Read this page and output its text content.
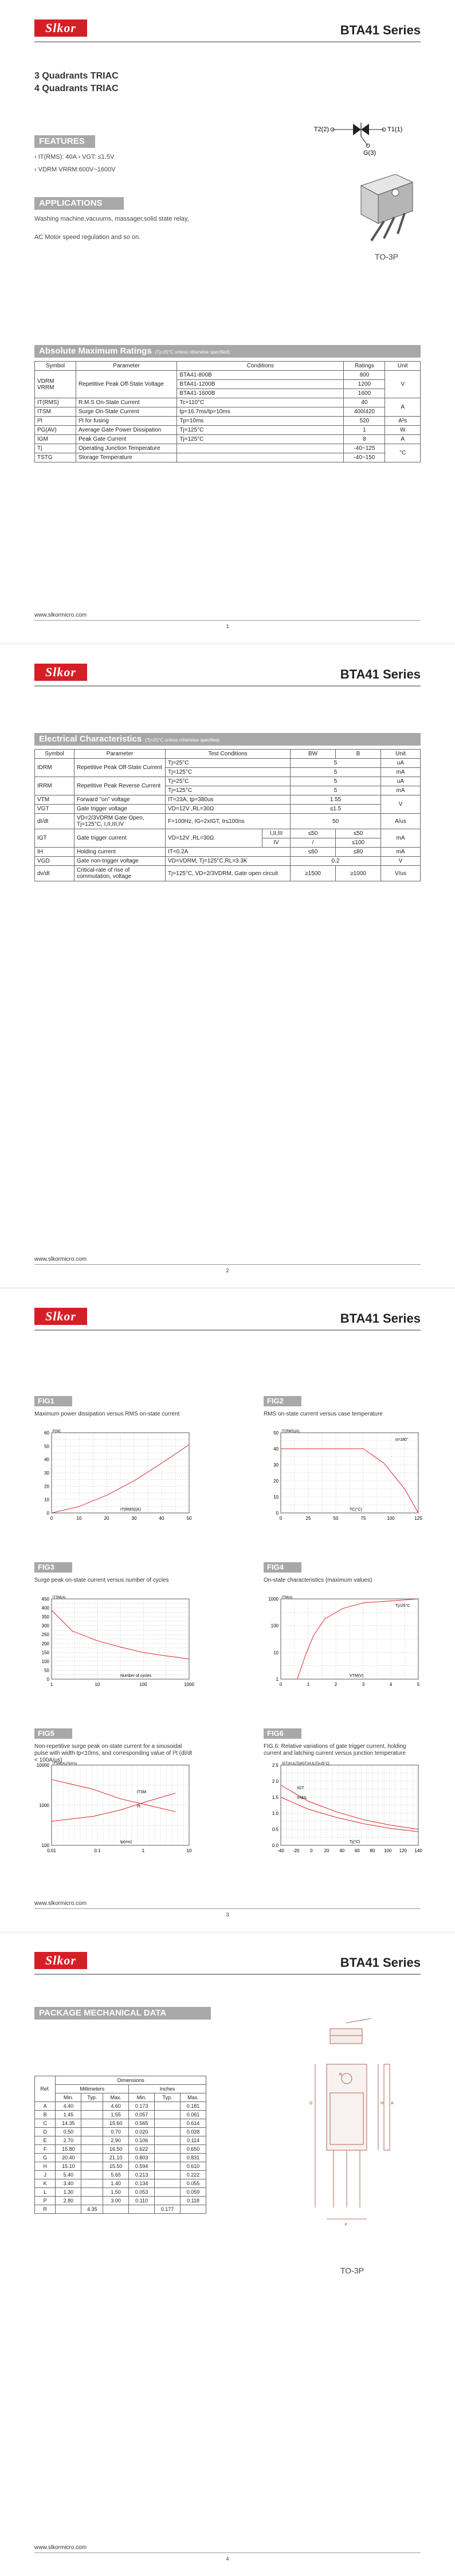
Slkor	BTA41 Series
3 Quadrants TRIAC
4 Quadrants TRIAC
FEATURES
› IT(RMS): 40A › VGT: ≤1.5V
› VDRM VRRM:600V~1600V
APPLICATIONS
Washing machine,vacuums, massager,solid state relay,
AC Motor speed regulation and so on.
T2(2)	T1(1)
G(3)
TO-3P
Absolute Maximum Ratings (Tj=25°C unless otherwise specified)
Symbol	Parameter	Conditions	Ratings	Unit
VDRM
VRRM	Repetitive Peak Off-State Voltage	BTA41-800B	800	V
		BTA41-1200B	1200	
		BTA41-1600B	1600	
IT(RMS)	R.M.S On-State Current	Tc=110°C	40	A
ITSM	Surge On-State Current	tp=16.7ms/tp=10ms	400/420	
I²t	I²t for fusing	Tp=10ms	520	A²s
PG(AV)	Average Gate Power Dissipation	Tj=125°C	1	W
IGM	Peak Gate Current	Tj=125°C	8	A
Tj	Operating Junction Temperature		-40~125	°C
TSTG	Storage Temperature		-40~150	
www.slkormicro.com
1
Slkor	BTA41 Series
Electrical Characteristics (Tj=25°C unless otherwise specified)
Symbol	Parameter	Test Conditions		BW	B	Unit
IDRM	Repetitive Peak Off-State Current	Tj=25°C		5		uA
		Tj=125°C		5		mA
IRRM	Repetitive Peak Reverse Current	Tj=25°C		5		uA
		Tj=125°C		5		mA
VTM	Forward "on" voltage	IT=23A, tp=380us		1.55		V
VGT	Gate trigger voltage	VD=12V ,RL=30Ω		≤1.5		
dI/dt	VD=2/3VDRM Gate Open, Tj=125°C, I,II,III,IV	F=100Hz, IG=2xIGT, tr≤100ns		50		A/us
IGT	Gate trigger current	VD=12V ,RL=30Ω	I,II,III	≤50	≤50	mA
			IV	/	≤100	
IH	Holding current	IT=0.2A		≤60	≤80	mA
VGD	Gate non-trigger voltage	VD=VDRM, Tj=125°C,RL=3.3K		0.2		V
dv/dt	Critical-rate of rise of commutation, voltage	Tj=125°C, VD=2/3VDRM, Gate open circuit		≥1500	≥1000	V/us
www.slkormicro.com
2
Slkor	BTA41 Series
FIG1
Maximum power dissipation versus RMS on-state current
0	10	20	30	40	50
0
10
20
30
40
50
60 P(W)
IT(RMS)(A)
FIG2
RMS on-state current versus case temperature
0	25	50	75	100	125
0
10
20
30
40
50 IT(RMS)(A)
TC(°C)
α=180°
FIG3
Surge peak on-state current versus number of cycles
1	10	100	1000
0
50
100
150
200
250
300
350
400
450 ITSM(A)
Number of cycles
FIG4
On-state characteristics (maximum values)
0	1	2	3	4	5
1
10
100
1000 ITM(A)
VTM(V)
Tj=25°C
FIG5
Non-repetitive surge peak on-state current for a sinusoidal pulse with width tp<10ms, and corresponding value of I²t (dI/dt < 100A/µs)
0.01	0.1	1	10
100
1000
10000 ITSM(A),I²t(A²s)
tp(ms)
ITSM
I²t
FIG6
FIG.6: Relative variations of gate trigger current, holding current and latching current versus junction temperature
-40 -20 0 20 40 60 80 100 120 140
0.0
0.5
1.0
1.5
2.0
2.5 IGT,IH,IL[Tj]/IGT,IH,IL[Tj=25°C]
Tj(°C)
IGT
IH&IL
www.slkormicro.com
3
Slkor	BTA41 Series
PACKAGE MECHANICAL DATA
Ref.	Dimensions					
	Millimeters			Inches		
	Min.	Typ.	Max.	Min.	Typ.	Max.
A	4.40		4.60	0.173		0.181
B	1.45		1.55	0.057		0.061
C	14.35		15.60	0.565		0.614
D	0.50		0.70	0.020		0.028
E	2.70		2.90	0.106		0.114
F	15.80		16.50	0.622		0.650
G	20.40		21.10	0.803		0.831
H	15.10		15.50	0.594		0.610
J	5.40		5.65	0.213		0.222
K	3.40		1.40	0.134		0.055
L	1.30		1.50	0.053		0.059
P	2.80		3.00	0.110		0.118
R		4.35			0.177	
G	H
F
R
A
TO-3P
www.slkormicro.com
4
